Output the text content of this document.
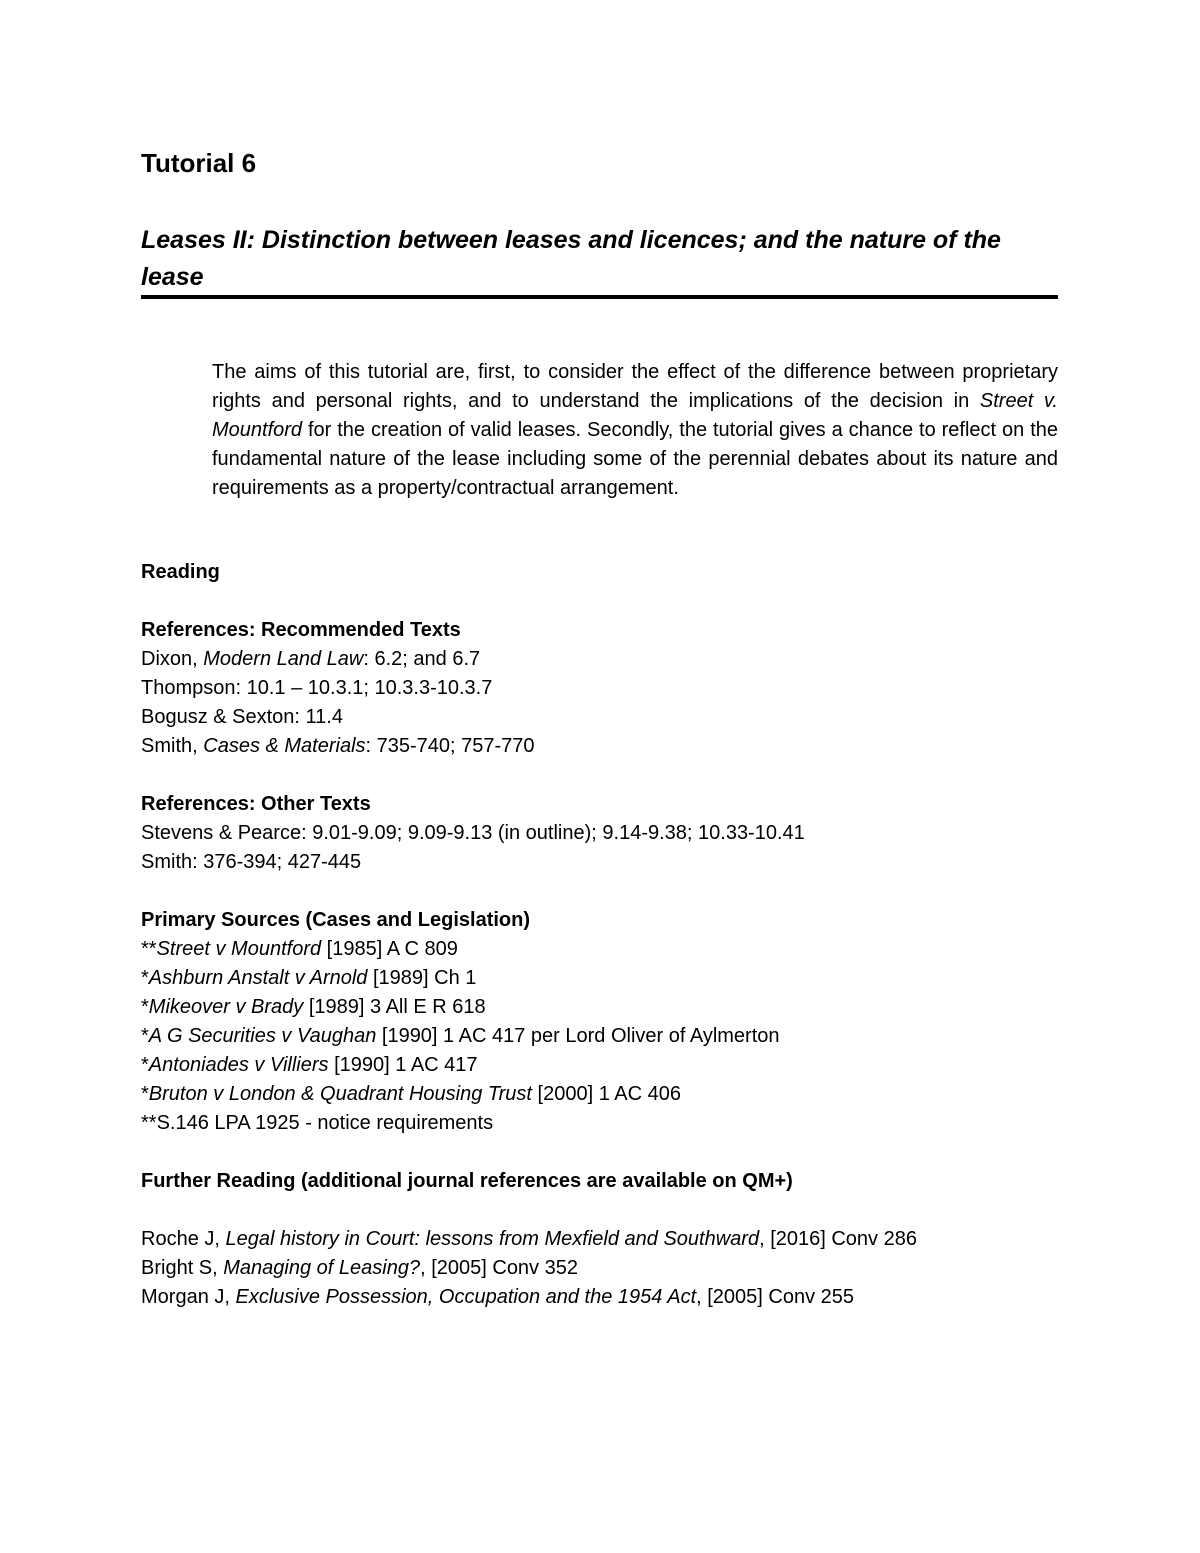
Tutorial 6
Leases II: Distinction between leases and licences; and the nature of the lease

The aims of this tutorial are, first, to consider the effect of the difference between proprietary rights and personal rights, and to understand the implications of the decision in Street v. Mountford for the creation of valid leases. Secondly, the tutorial gives a chance to reflect on the fundamental nature of the lease including some of the perennial debates about its nature and requirements as a property/contractual arrangement.

Reading
References: Recommended Texts
Dixon, Modern Land Law: 6.2; and 6.7
Thompson: 10.1 – 10.3.1; 10.3.3-10.3.7
Bogusz & Sexton: 11.4
Smith, Cases & Materials: 735-740; 757-770
References: Other Texts
Stevens & Pearce: 9.01-9.09; 9.09-9.13 (in outline); 9.14-9.38; 10.33-10.41
Smith: 376-394; 427-445
Primary Sources (Cases and Legislation)
**Street v Mountford [1985] A C 809
*Ashburn Anstalt v Arnold [1989] Ch 1
*Mikeover v Brady [1989] 3 All E R 618
*A G Securities v Vaughan [1990] 1 AC 417 per Lord Oliver of Aylmerton
*Antoniades v Villiers [1990] 1 AC 417
*Bruton v London & Quadrant Housing Trust [2000] 1 AC 406
**S.146 LPA 1925 - notice requirements
Further Reading (additional journal references are available on QM+)
Roche J, Legal history in Court: lessons from Mexfield and Southward, [2016] Conv 286
Bright S, Managing of Leasing?, [2005] Conv 352
Morgan J, Exclusive Possession, Occupation and the 1954 Act, [2005] Conv 255
